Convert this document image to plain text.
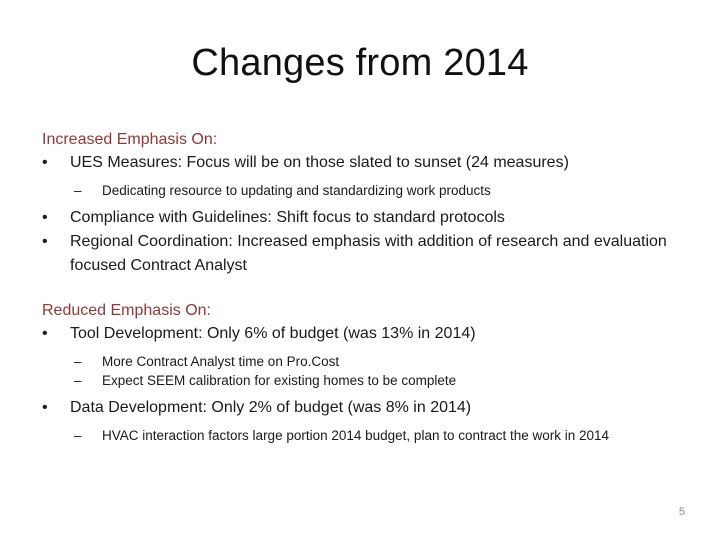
Changes from 2014
Increased Emphasis On:
•	UES Measures: Focus will be on those slated to sunset (24 measures)
–	Dedicating resource to updating and standardizing work products
•	Compliance with Guidelines: Shift focus to standard protocols
•	Regional Coordination: Increased emphasis with addition of research and evaluation focused Contract Analyst
Reduced Emphasis On:
•	Tool Development: Only 6% of budget (was 13% in 2014)
–	More Contract Analyst time on Pro.Cost
–	Expect SEEM calibration for existing homes to be complete
•	Data Development: Only 2% of budget (was 8% in 2014)
–	HVAC interaction factors large portion 2014 budget, plan to contract the work in 2014
5
